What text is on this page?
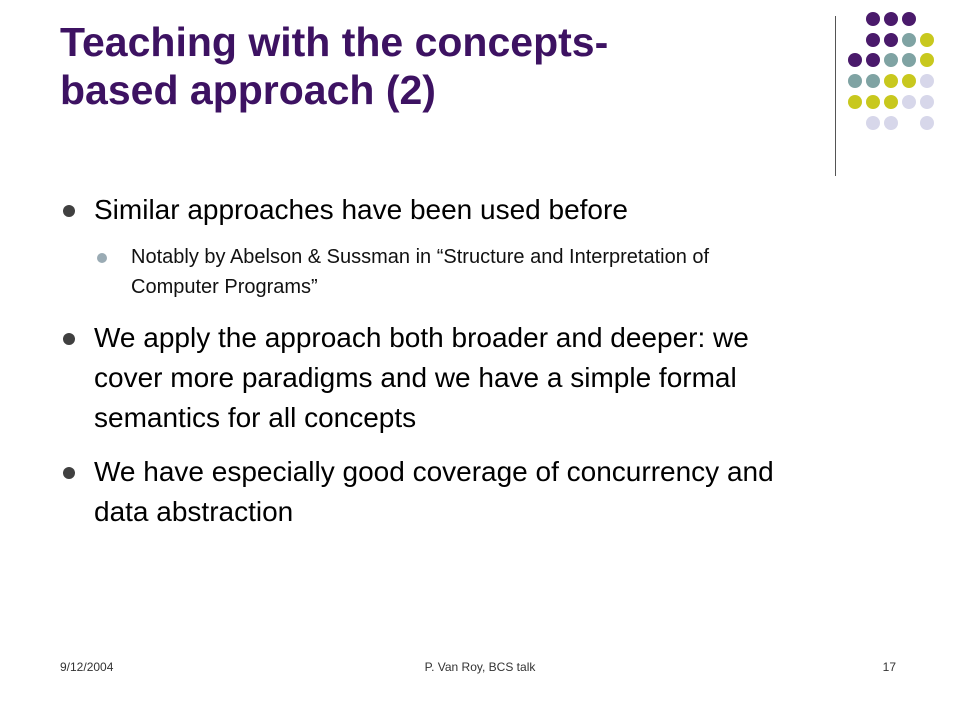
Teaching with the concepts-
based approach (2)
Similar approaches have been used before
Notably by Abelson & Sussman in “Structure and Interpretation of Computer Programs”
We apply the approach both broader and deeper: we cover more paradigms and we have a simple formal semantics for all concepts
We have especially good coverage of concurrency and data abstraction
9/12/2004	P. Van Roy, BCS talk	17
